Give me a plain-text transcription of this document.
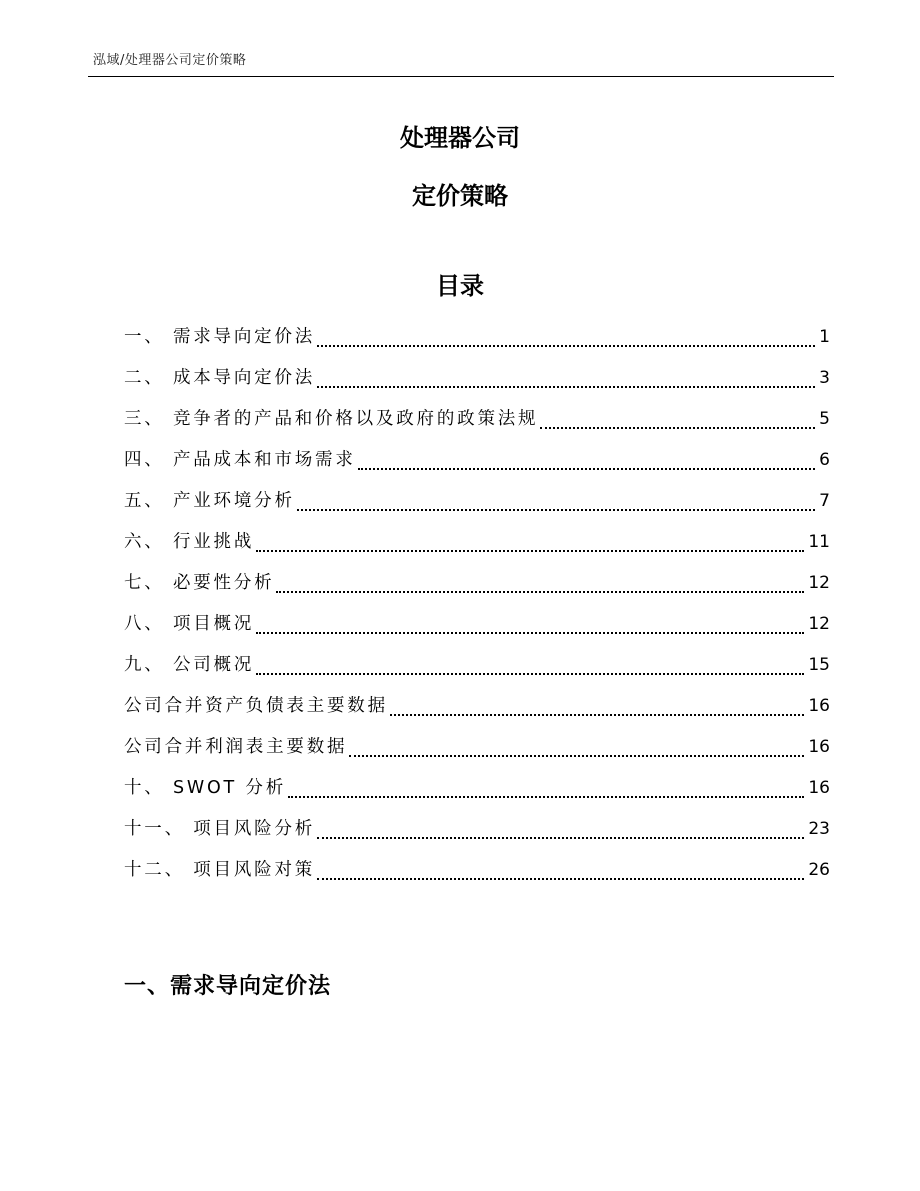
泓域/处理器公司定价策略
处理器公司
定价策略
目录
一、 需求导向定价法	1
二、 成本导向定价法	3
三、 竞争者的产品和价格以及政府的政策法规	5
四、 产品成本和市场需求	6
五、 产业环境分析	7
六、 行业挑战	11
七、 必要性分析	12
八、 项目概况	12
九、 公司概况	15
公司合并资产负债表主要数据	16
公司合并利润表主要数据	16
十、 SWOT 分析	16
十一、 项目风险分析	23
十二、 项目风险对策	26
一、需求导向定价法
